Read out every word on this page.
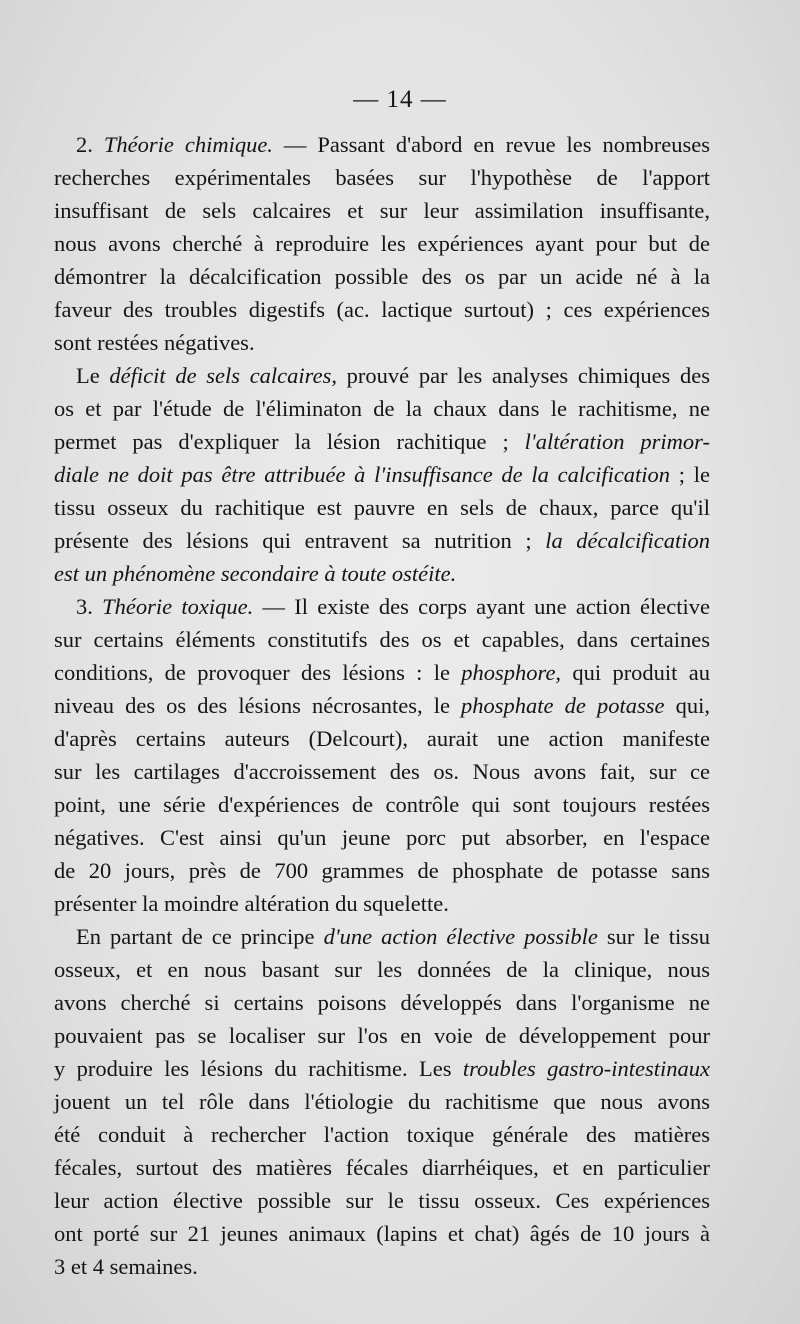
— 14 —
2. Théorie chimique. — Passant d'abord en revue les nombreuses
recherches expérimentales basées sur l'hypothèse de l'apport
insuffisant de sels calcaires et sur leur assimilation insuffisante,
nous avons cherché à reproduire les expériences ayant pour but de
démontrer la décalcification possible des os par un acide né à la
faveur des troubles digestifs (ac. lactique surtout) ; ces expériences
sont restées négatives.
Le déficit de sels calcaires, prouvé par les analyses chimiques des
os et par l'étude de l'éliminaton de la chaux dans le rachitisme, ne
permet pas d'expliquer la lésion rachitique ; l'altération primor-
diale ne doit pas être attribuée à l'insuffisance de la calcification ; le
tissu osseux du rachitique est pauvre en sels de chaux, parce qu'il
présente des lésions qui entravent sa nutrition ; la décalcification
est un phénomène secondaire à toute ostéite.
3. Théorie toxique. — Il existe des corps ayant une action élective
sur certains éléments constitutifs des os et capables, dans certaines
conditions, de provoquer des lésions : le phosphore, qui produit au
niveau des os des lésions nécrosantes, le phosphate de potasse qui,
d'après certains auteurs (Delcourt), aurait une action manifeste
sur les cartilages d'accroissement des os. Nous avons fait, sur ce
point, une série d'expériences de contrôle qui sont toujours restées
négatives. C'est ainsi qu'un jeune porc put absorber, en l'espace
de 20 jours, près de 700 grammes de phosphate de potasse sans
présenter la moindre altération du squelette.
En partant de ce principe d'une action élective possible sur le tissu
osseux, et en nous basant sur les données de la clinique, nous
avons cherché si certains poisons développés dans l'organisme ne
pouvaient pas se localiser sur l'os en voie de développement pour
y produire les lésions du rachitisme. Les troubles gastro-intestinaux
jouent un tel rôle dans l'étiologie du rachitisme que nous avons
été conduit à rechercher l'action toxique générale des matières
fécales, surtout des matières fécales diarrhéiques, et en particulier
leur action élective possible sur le tissu osseux. Ces expériences
ont porté sur 21 jeunes animaux (lapins et chat) âgés de 10 jours à
3 et 4 semaines.
